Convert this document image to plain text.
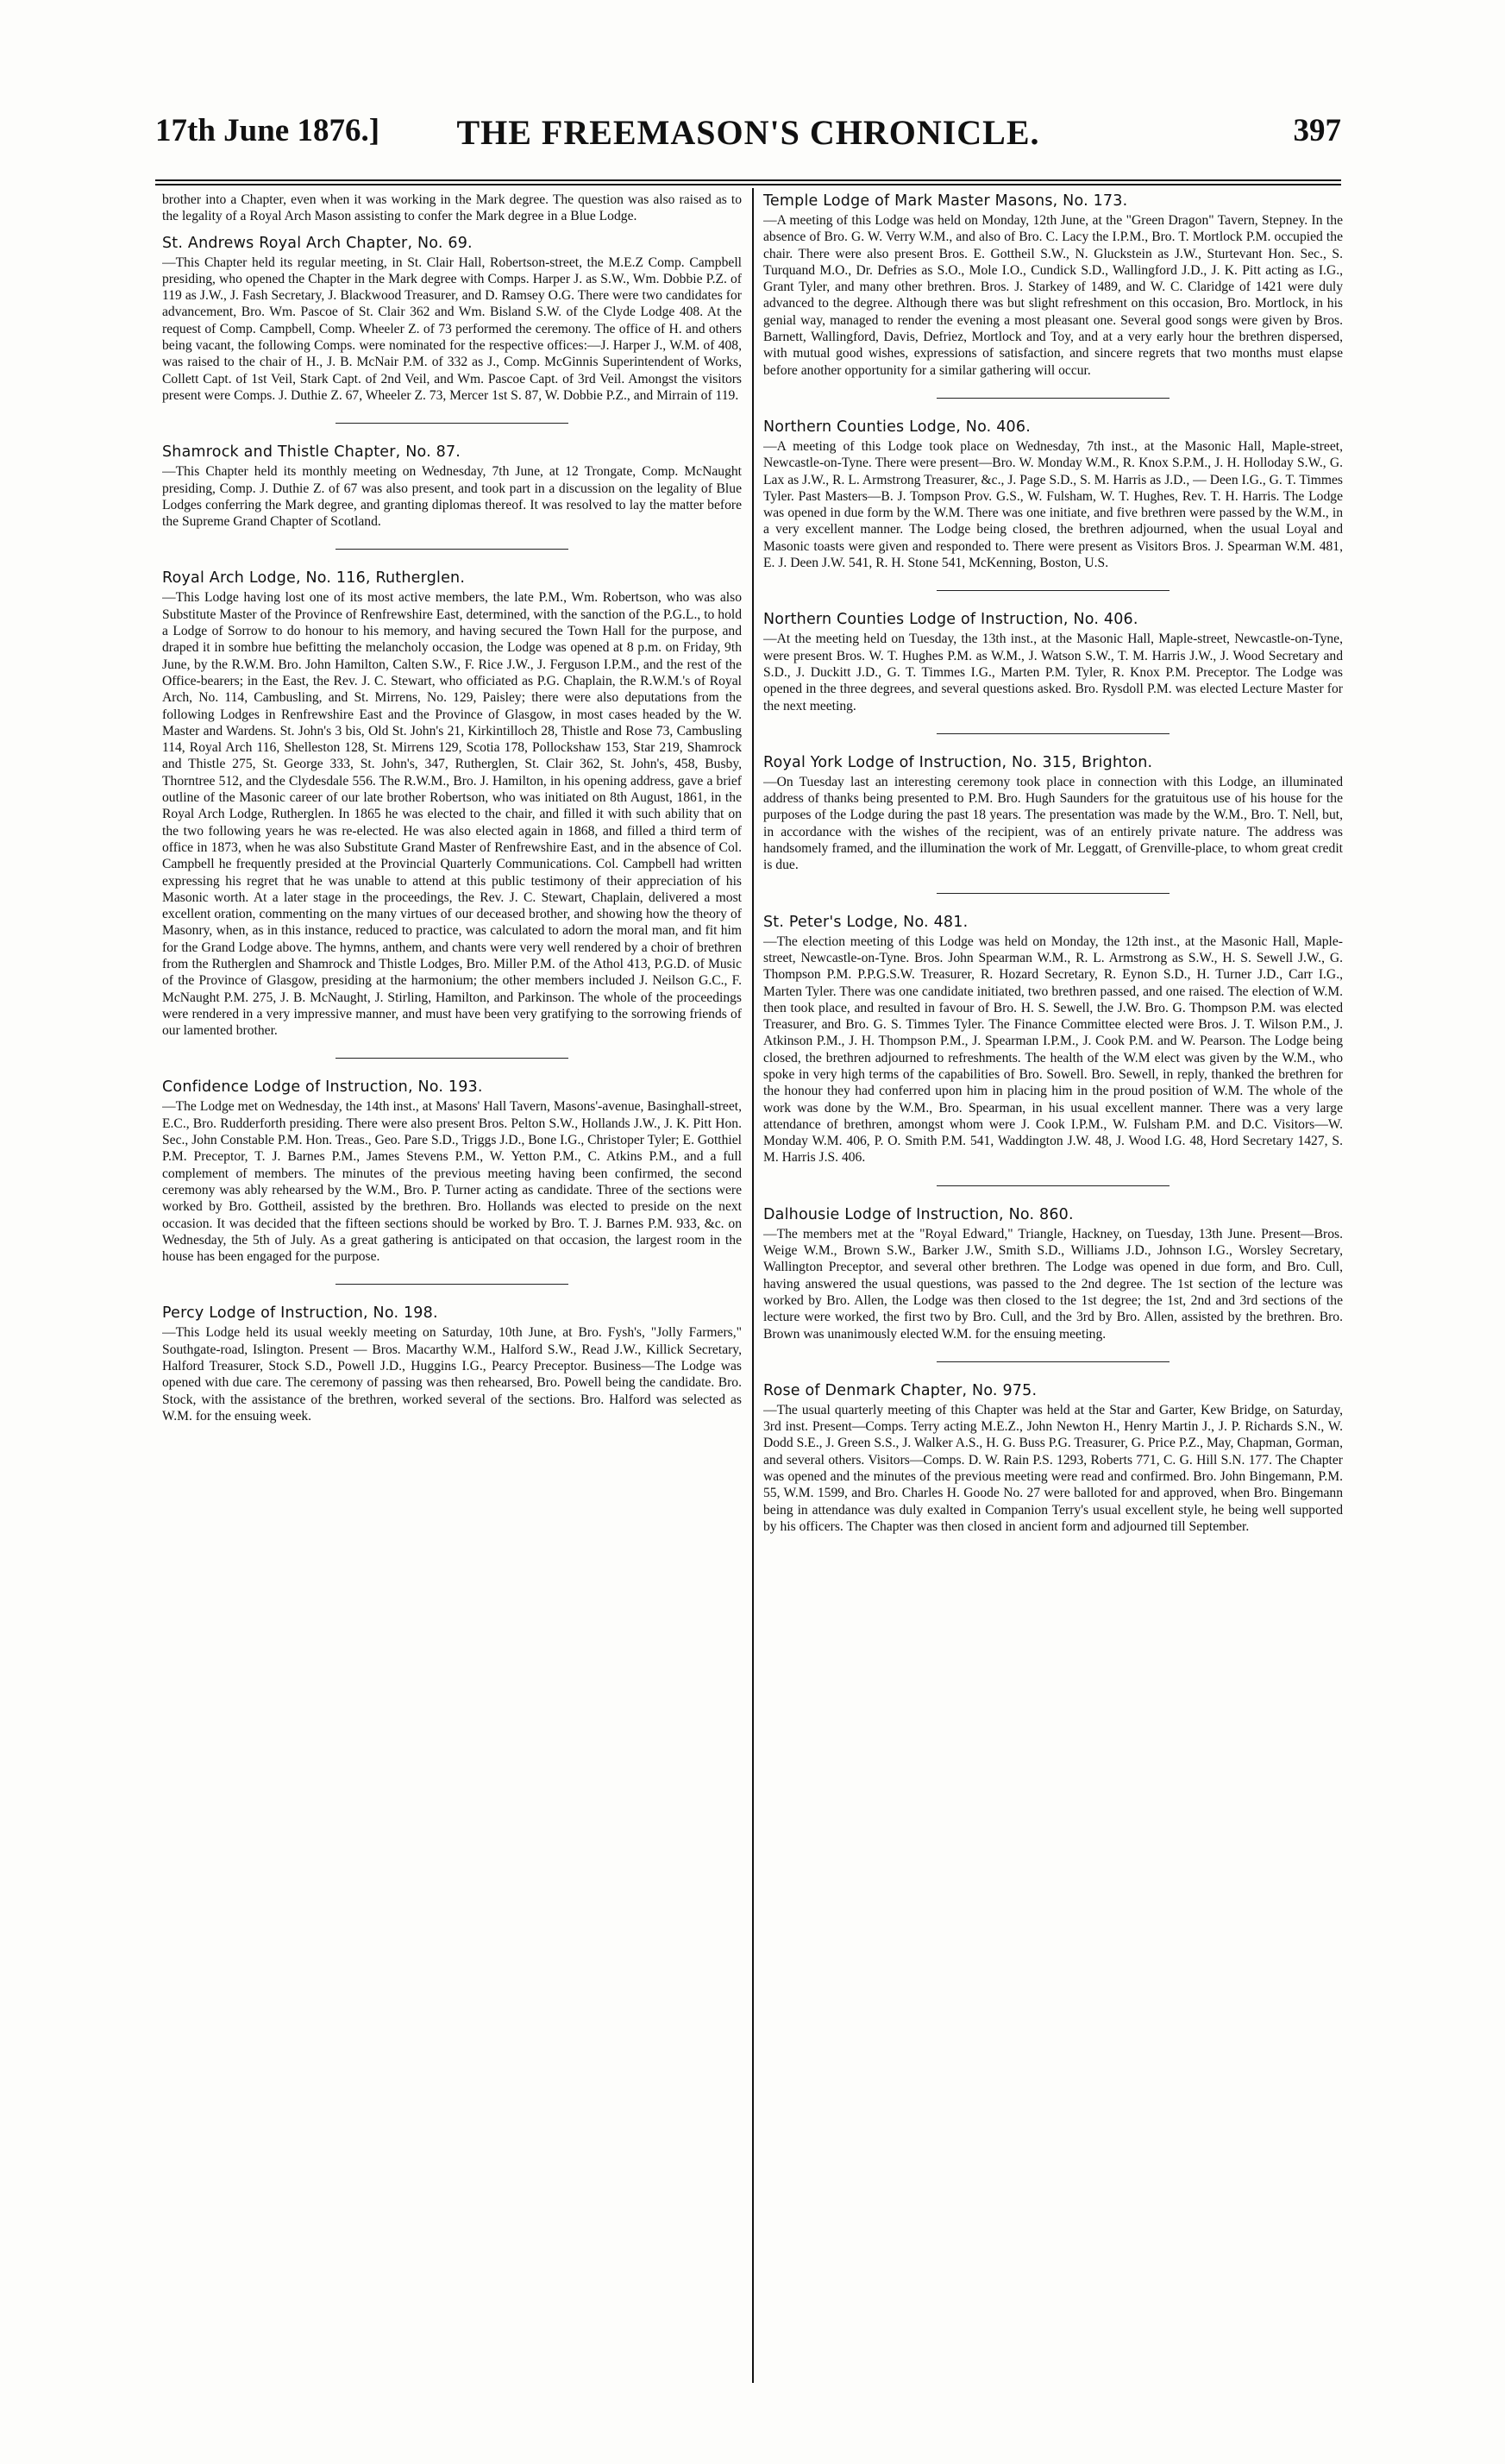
17th June 1876.]	THE FREEMASON'S CHRONICLE.	397

brother into a Chapter, even when it was working in the Mark degree. The question was also raised as to the legality of a Royal Arch Mason assisting to confer the Mark degree in a Blue Lodge.

St. Andrews Royal Arch Chapter, No. 69.

—This Chapter held its regular meeting, in St. Clair Hall, Robertson-street, the M.E.Z Comp. Campbell presiding, who opened the Chapter in the Mark degree with Comps. Harper J. as S.W., Wm. Dobbie P.Z. of 119 as J.W., J. Fash Secretary, J. Blackwood Treasurer, and D. Ramsey O.G. There were two candidates for advancement, Bro. Wm. Pascoe of St. Clair 362 and Wm. Bisland S.W. of the Clyde Lodge 408. At the request of Comp. Campbell, Comp. Wheeler Z. of 73 performed the ceremony. The office of H. and others being vacant, the following Comps. were nominated for the respective offices:—J. Harper J., W.M. of 408, was raised to the chair of H., J. B. McNair P.M. of 332 as J., Comp. McGinnis Superintendent of Works, Collett Capt. of 1st Veil, Stark Capt. of 2nd Veil, and Wm. Pascoe Capt. of 3rd Veil. Amongst the visitors present were Comps. J. Duthie Z. 67, Wheeler Z. 73, Mercer 1st S. 87, W. Dobbie P.Z., and Mirrain of 119.

Shamrock and Thistle Chapter, No. 87.

—This Chapter held its monthly meeting on Wednesday, 7th June, at 12 Trongate, Comp. McNaught presiding, Comp. J. Duthie Z. of 67 was also present, and took part in a discussion on the legality of Blue Lodges conferring the Mark degree, and granting diplomas thereof. It was resolved to lay the matter before the Supreme Grand Chapter of Scotland.

Royal Arch Lodge, No. 116, Rutherglen.

—This Lodge having lost one of its most active members, the late P.M., Wm. Robertson, who was also Substitute Master of the Province of Renfrewshire East, determined, with the sanction of the P.G.L., to hold a Lodge of Sorrow to do honour to his memory, and having secured the Town Hall for the purpose, and draped it in sombre hue befitting the melancholy occasion, the Lodge was opened at 8 p.m. on Friday, 9th June, by the R.W.M. Bro. John Hamilton, Calten S.W., F. Rice J.W., J. Ferguson I.P.M., and the rest of the Office-bearers; in the East, the Rev. J. C. Stewart, who officiated as P.G. Chaplain, the R.W.M.'s of Royal Arch, No. 114, Cambusling, and St. Mirrens, No. 129, Paisley; there were also deputations from the following Lodges in Renfrewshire East and the Province of Glasgow, in most cases headed by the W. Master and Wardens. St. John's 3 bis, Old St. John's 21, Kirkintilloch 28, Thistle and Rose 73, Cambusling 114, Royal Arch 116, Shelleston 128, St. Mirrens 129, Scotia 178, Pollockshaw 153, Star 219, Shamrock and Thistle 275, St. George 333, St. John's, 347, Rutherglen, St. Clair 362, St. John's, 458, Busby, Thorntree 512, and the Clydesdale 556. The R.W.M., Bro. J. Hamilton, in his opening address, gave a brief outline of the Masonic career of our late brother Robertson, who was initiated on 8th August, 1861, in the Royal Arch Lodge, Rutherglen. In 1865 he was elected to the chair, and filled it with such ability that on the two following years he was re-elected. He was also elected again in 1868, and filled a third term of office in 1873, when he was also Substitute Grand Master of Renfrewshire East, and in the absence of Col. Campbell he frequently presided at the Provincial Quarterly Communications. Col. Campbell had written expressing his regret that he was unable to attend at this public testimony of their appreciation of his Masonic worth. At a later stage in the proceedings, the Rev. J. C. Stewart, Chaplain, delivered a most excellent oration, commenting on the many virtues of our deceased brother, and showing how the theory of Masonry, when, as in this instance, reduced to practice, was calculated to adorn the moral man, and fit him for the Grand Lodge above. The hymns, anthem, and chants were very well rendered by a choir of brethren from the Rutherglen and Shamrock and Thistle Lodges, Bro. Miller P.M. of the Athol 413, P.G.D. of Music of the Province of Glasgow, presiding at the harmonium; the other members included J. Neilson G.C., F. McNaught P.M. 275, J. B. McNaught, J. Stirling, Hamilton, and Parkinson. The whole of the proceedings were rendered in a very impressive manner, and must have been very gratifying to the sorrowing friends of our lamented brother.

Confidence Lodge of Instruction, No. 193.

—The Lodge met on Wednesday, the 14th inst., at Masons' Hall Tavern, Masons'-avenue, Basinghall-street, E.C., Bro. Rudderforth presiding. There were also present Bros. Pelton S.W., Hollands J.W., J. K. Pitt Hon. Sec., John Constable P.M. Hon. Treas., Geo. Pare S.D., Triggs J.D., Bone I.G., Christoper Tyler; E. Gotthiel P.M. Preceptor, T. J. Barnes P.M., James Stevens P.M., W. Yetton P.M., C. Atkins P.M., and a full complement of members. The minutes of the previous meeting having been confirmed, the second ceremony was ably rehearsed by the W.M., Bro. P. Turner acting as candidate. Three of the sections were worked by Bro. Gottheil, assisted by the brethren. Bro. Hollands was elected to preside on the next occasion. It was decided that the fifteen sections should be worked by Bro. T. J. Barnes P.M. 933, &c. on Wednesday, the 5th of July. As a great gathering is anticipated on that occasion, the largest room in the house has been engaged for the purpose.

Percy Lodge of Instruction, No. 198.

—This Lodge held its usual weekly meeting on Saturday, 10th June, at Bro. Fysh's, "Jolly Farmers," Southgate-road, Islington. Present — Bros. Macarthy W.M., Halford S.W., Read J.W., Killick Secretary, Halford Treasurer, Stock S.D., Powell J.D., Huggins I.G., Pearcy Preceptor. Business—The Lodge was opened with due care. The ceremony of passing was then rehearsed, Bro. Powell being the candidate. Bro. Stock, with the assistance of the brethren, worked several of the sections. Bro. Halford was selected as W.M. for the ensuing week.

Temple Lodge of Mark Master Masons, No. 173.

—A meeting of this Lodge was held on Monday, 12th June, at the "Green Dragon" Tavern, Stepney. In the absence of Bro. G. W. Verry W.M., and also of Bro. C. Lacy the I.P.M., Bro. T. Mortlock P.M. occupied the chair. There were also present Bros. E. Gottheil S.W., N. Gluckstein as J.W., Sturtevant Hon. Sec., S. Turquand M.O., Dr. Defries as S.O., Mole I.O., Cundick S.D., Wallingford J.D., J. K. Pitt acting as I.G., Grant Tyler, and many other brethren. Bros. J. Starkey of 1489, and W. C. Claridge of 1421 were duly advanced to the degree. Although there was but slight refreshment on this occasion, Bro. Mortlock, in his genial way, managed to render the evening a most pleasant one. Several good songs were given by Bros. Barnett, Wallingford, Davis, Defriez, Mortlock and Toy, and at a very early hour the brethren dispersed, with mutual good wishes, expressions of satisfaction, and sincere regrets that two months must elapse before another opportunity for a similar gathering will occur.

Northern Counties Lodge, No. 406.

—A meeting of this Lodge took place on Wednesday, 7th inst., at the Masonic Hall, Maple-street, Newcastle-on-Tyne. There were present—Bro. W. Monday W.M., R. Knox S.P.M., J. H. Holloday S.W., G. Lax as J.W., R. L. Armstrong Treasurer, &c., J. Page S.D., S. M. Harris as J.D., — Deen I.G., G. T. Timmes Tyler. Past Masters—B. J. Tompson Prov. G.S., W. Fulsham, W. T. Hughes, Rev. T. H. Harris. The Lodge was opened in due form by the W.M. There was one initiate, and five brethren were passed by the W.M., in a very excellent manner. The Lodge being closed, the brethren adjourned, when the usual Loyal and Masonic toasts were given and responded to. There were present as Visitors Bros. J. Spearman W.M. 481, E. J. Deen J.W. 541, R. H. Stone 541, McKenning, Boston, U.S.

Northern Counties Lodge of Instruction, No. 406.

—At the meeting held on Tuesday, the 13th inst., at the Masonic Hall, Maple-street, Newcastle-on-Tyne, were present Bros. W. T. Hughes P.M. as W.M., J. Watson S.W., T. M. Harris J.W., J. Wood Secretary and S.D., J. Duckitt J.D., G. T. Timmes I.G., Marten P.M. Tyler, R. Knox P.M. Preceptor. The Lodge was opened in the three degrees, and several questions asked. Bro. Rysdoll P.M. was elected Lecture Master for the next meeting.

Royal York Lodge of Instruction, No. 315, Brighton.

—On Tuesday last an interesting ceremony took place in connection with this Lodge, an illuminated address of thanks being presented to P.M. Bro. Hugh Saunders for the gratuitous use of his house for the purposes of the Lodge during the past 18 years. The presentation was made by the W.M., Bro. T. Nell, but, in accordance with the wishes of the recipient, was of an entirely private nature. The address was handsomely framed, and the illumination the work of Mr. Leggatt, of Grenville-place, to whom great credit is due.

St. Peter's Lodge, No. 481.

—The election meeting of this Lodge was held on Monday, the 12th inst., at the Masonic Hall, Maple-street, Newcastle-on-Tyne. Bros. John Spearman W.M., R. L. Armstrong as S.W., H. S. Sewell J.W., G. Thompson P.M. P.P.G.S.W. Treasurer, R. Hozard Secretary, R. Eynon S.D., H. Turner J.D., Carr I.G., Marten Tyler. There was one candidate initiated, two brethren passed, and one raised. The election of W.M. then took place, and resulted in favour of Bro. H. S. Sewell, the J.W. Bro. G. Thompson P.M. was elected Treasurer, and Bro. G. S. Timmes Tyler. The Finance Committee elected were Bros. J. T. Wilson P.M., J. Atkinson P.M., J. H. Thompson P.M., J. Spearman I.P.M., J. Cook P.M. and W. Pearson. The Lodge being closed, the brethren adjourned to refreshments. The health of the W.M elect was given by the W.M., who spoke in very high terms of the capabilities of Bro. Sowell. Bro. Sewell, in reply, thanked the brethren for the honour they had conferred upon him in placing him in the proud position of W.M. The whole of the work was done by the W.M., Bro. Spearman, in his usual excellent manner. There was a very large attendance of brethren, amongst whom were J. Cook I.P.M., W. Fulsham P.M. and D.C. Visitors—W. Monday W.M. 406, P. O. Smith P.M. 541, Waddington J.W. 48, J. Wood I.G. 48, Hord Secretary 1427, S. M. Harris J.S. 406.

Dalhousie Lodge of Instruction, No. 860.

—The members met at the "Royal Edward," Triangle, Hackney, on Tuesday, 13th June. Present—Bros. Weige W.M., Brown S.W., Barker J.W., Smith S.D., Williams J.D., Johnson I.G., Worsley Secretary, Wallington Preceptor, and several other brethren. The Lodge was opened in due form, and Bro. Cull, having answered the usual questions, was passed to the 2nd degree. The 1st section of the lecture was worked by Bro. Allen, the Lodge was then closed to the 1st degree; the 1st, 2nd and 3rd sections of the lecture were worked, the first two by Bro. Cull, and the 3rd by Bro. Allen, assisted by the brethren. Bro. Brown was unanimously elected W.M. for the ensuing meeting.

Rose of Denmark Chapter, No. 975.

—The usual quarterly meeting of this Chapter was held at the Star and Garter, Kew Bridge, on Saturday, 3rd inst. Present—Comps. Terry acting M.E.Z., John Newton H., Henry Martin J., J. P. Richards S.N., W. Dodd S.E., J. Green S.S., J. Walker A.S., H. G. Buss P.G. Treasurer, G. Price P.Z., May, Chapman, Gorman, and several others. Visitors—Comps. D. W. Rain P.S. 1293, Roberts 771, C. G. Hill S.N. 177. The Chapter was opened and the minutes of the previous meeting were read and confirmed. Bro. John Bingemann, P.M. 55, W.M. 1599, and Bro. Charles H. Goode No. 27 were balloted for and approved, when Bro. Bingemann being in attendance was duly exalted in Companion Terry's usual excellent style, he being well supported by his officers. The Chapter was then closed in ancient form and adjourned till September.
